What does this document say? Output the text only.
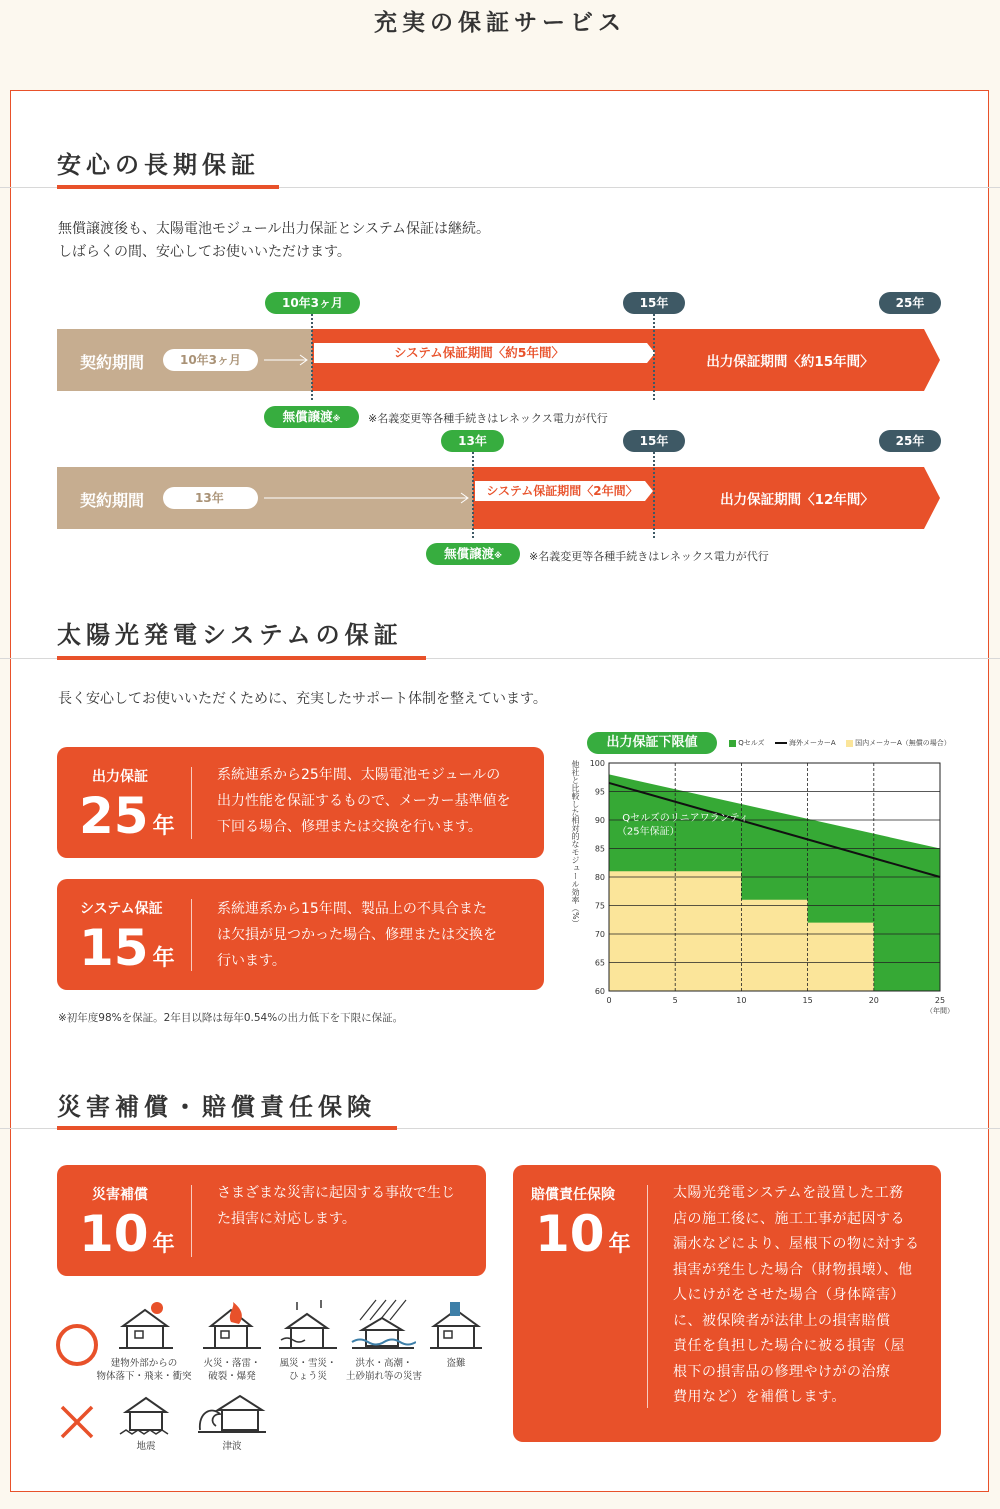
充実の保証サービス
安心の長期保証
無償譲渡後も、太陽電池モジュール出力保証とシステム保証は継続。
しばらくの間、安心してお使いいただけます。
10年3ヶ月	15年	25年
契約期間	10年3ヶ月	システム保証期間〈約5年間〉
出力保証期間〈約15年間〉
無償譲渡※	※名義変更等各種手続きはレネックス電力が代行
13年	15年	25年
契約期間	13年	システム保証期間〈2年間〉
出力保証期間〈12年間〉
無償譲渡※	※名義変更等各種手続きはレネックス電力が代行
太陽光発電システムの保証
長く安心してお使いいただくために、充実したサポート体制を整えています。
出力保証
25 年
系統連系から25年間、太陽電池モジュールの
出力性能を保証するもので、メーカー基準値を
下回る場合、修理または交換を行います。
システム保証
15 年
系統連系から15年間、製品上の不具合また
は欠損が見つかった場合、修理または交換を
行います。
※初年度98%を保証。2年目以降は毎年0.54%の出力低下を下限に保証。
出力保証下限値	Qセルズ	海外メーカーA	国内メーカーA（無償の場合）
他社と比較した相対的なモジュール効率（%）
60
65
70
75
80
85
90
95
100
0	5	10	15	20	25
Qセルズのリニアワランティ
（25年保証）
（年間）
災害補償・賠償責任保険
災害補償
10 年
さまざまな災害に起因する事故で生じ
た損害に対応します。
賠償責任保険
10 年
太陽光発電システムを設置した工務
店の施工後に、施工工事が起因する
漏水などにより、屋根下の物に対する
損害が発生した場合（財物損壊）、他
人にけがをさせた場合（身体障害）
に、被保険者が法律上の損害賠償
責任を負担した場合に被る損害（屋
根下の損害品の修理やけがの治療
費用など）を補償します。
建物外部からの
物体落下・飛来・衝突
火災・落雷・
破裂・爆発
風災・雪災・
ひょう災
洪水・高潮・
土砂崩れ等の災害
盗難
地震	津波
